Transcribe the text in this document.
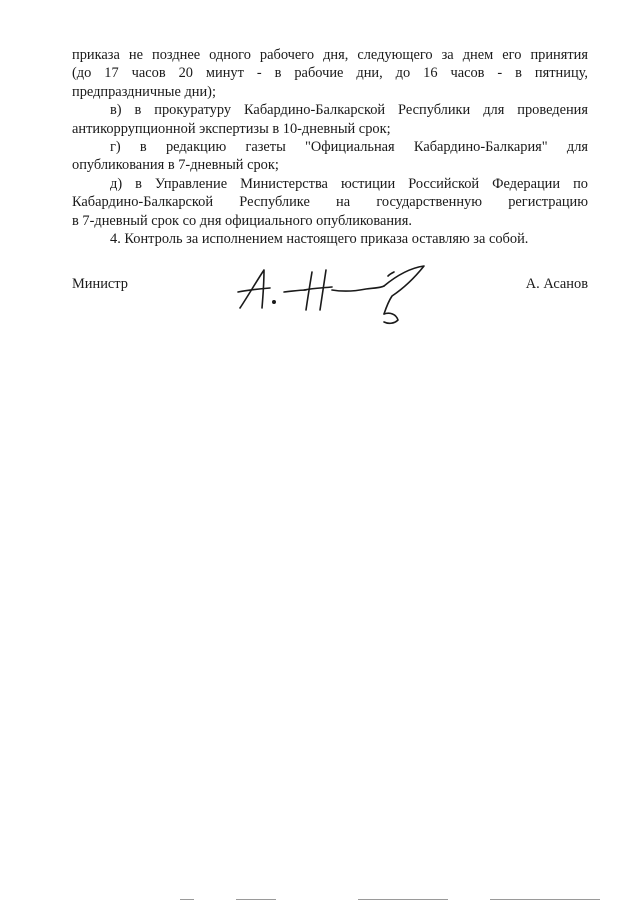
приказа не позднее одного рабочего дня, следующего за днем его принятия
(до 17 часов 20 минут - в рабочие дни, до 16 часов - в пятницу,
предпраздничные дни);

в) в прокуратуру Кабардино-Балкарской Республики для проведения
антикоррупционной экспертизы в 10-дневный срок;

г) в редакцию газеты "Официальная Кабардино-Балкария" для
опубликования в 7-дневный срок;

д) в Управление Министерства юстиции Российской Федерации по
Кабардино-Балкарской Республике на государственную регистрацию
в 7-дневный срок со дня официального опубликования.

4. Контроль за исполнением настоящего приказа оставляю за собой.

Министр	А. Асанов
